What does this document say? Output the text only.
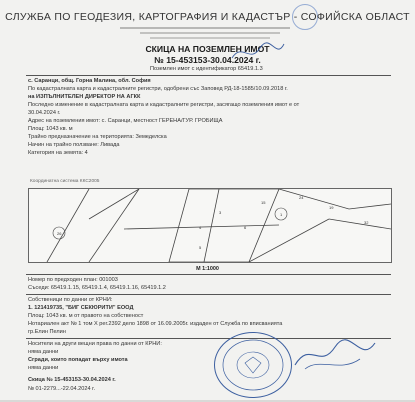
СЛУЖБА ПО ГЕОДЕЗИЯ, КАРТОГРАФИЯ И КАДАСТЪР - СОФИЙСКА ОБЛАСТ
СКИЦА НА ПОЗЕМЛЕН ИМОТ
№ 15-453153-30.04.2024 г.
Поземлен имот с идентификатор 65419.1.3
с. Саранци, общ. Горна Малина, обл. София
По кадастралната карта и кадастралните регистри, одобрени със Заповед РД-18-1585/10.09.2018 г.
на ИЗПЪЛНИТЕЛЕН ДИРЕКТОР НА АГКК
Последно изменение в кадастралната карта и кадастралните регистри, засягащо поземления имот е от
30.04.2024 г.
Адрес на поземления имот: с. Саранци, местност ГЕРЕНА/ГУР. ГРОБИЩА
Площ: 1043 кв. м
Трайно предназначение на територията: Земеделска
Начин на трайно ползване: Ливада
Категория на земята: 4
Координатна система ККС2005
26
1
3
4
5
6
15
19
24
32
М 1:1000
Номер по предходен план: 001003
Съседи: 65419.1.15, 65419.1.4, 65419.1.16, 65419.1.2
Собственици по данни от КРНИ:
1. 121419735, "БИГ СЕКЮРИТИ" ЕООД
Площ: 1043 кв. м от правото на собственост
Нотариален акт № 1 том X рег.2392 дело 1898 от 16.09.2005г. издаден от Служба по вписванията
гр.Елин Пелин
Носители на други вещни права по данни от КРНИ:
няма данни
Сгради, които попадат върху имота
няма данни
Скица № 15-453153-30.04.2024 г.
№ 01-2279...-22.04.2024 г.
